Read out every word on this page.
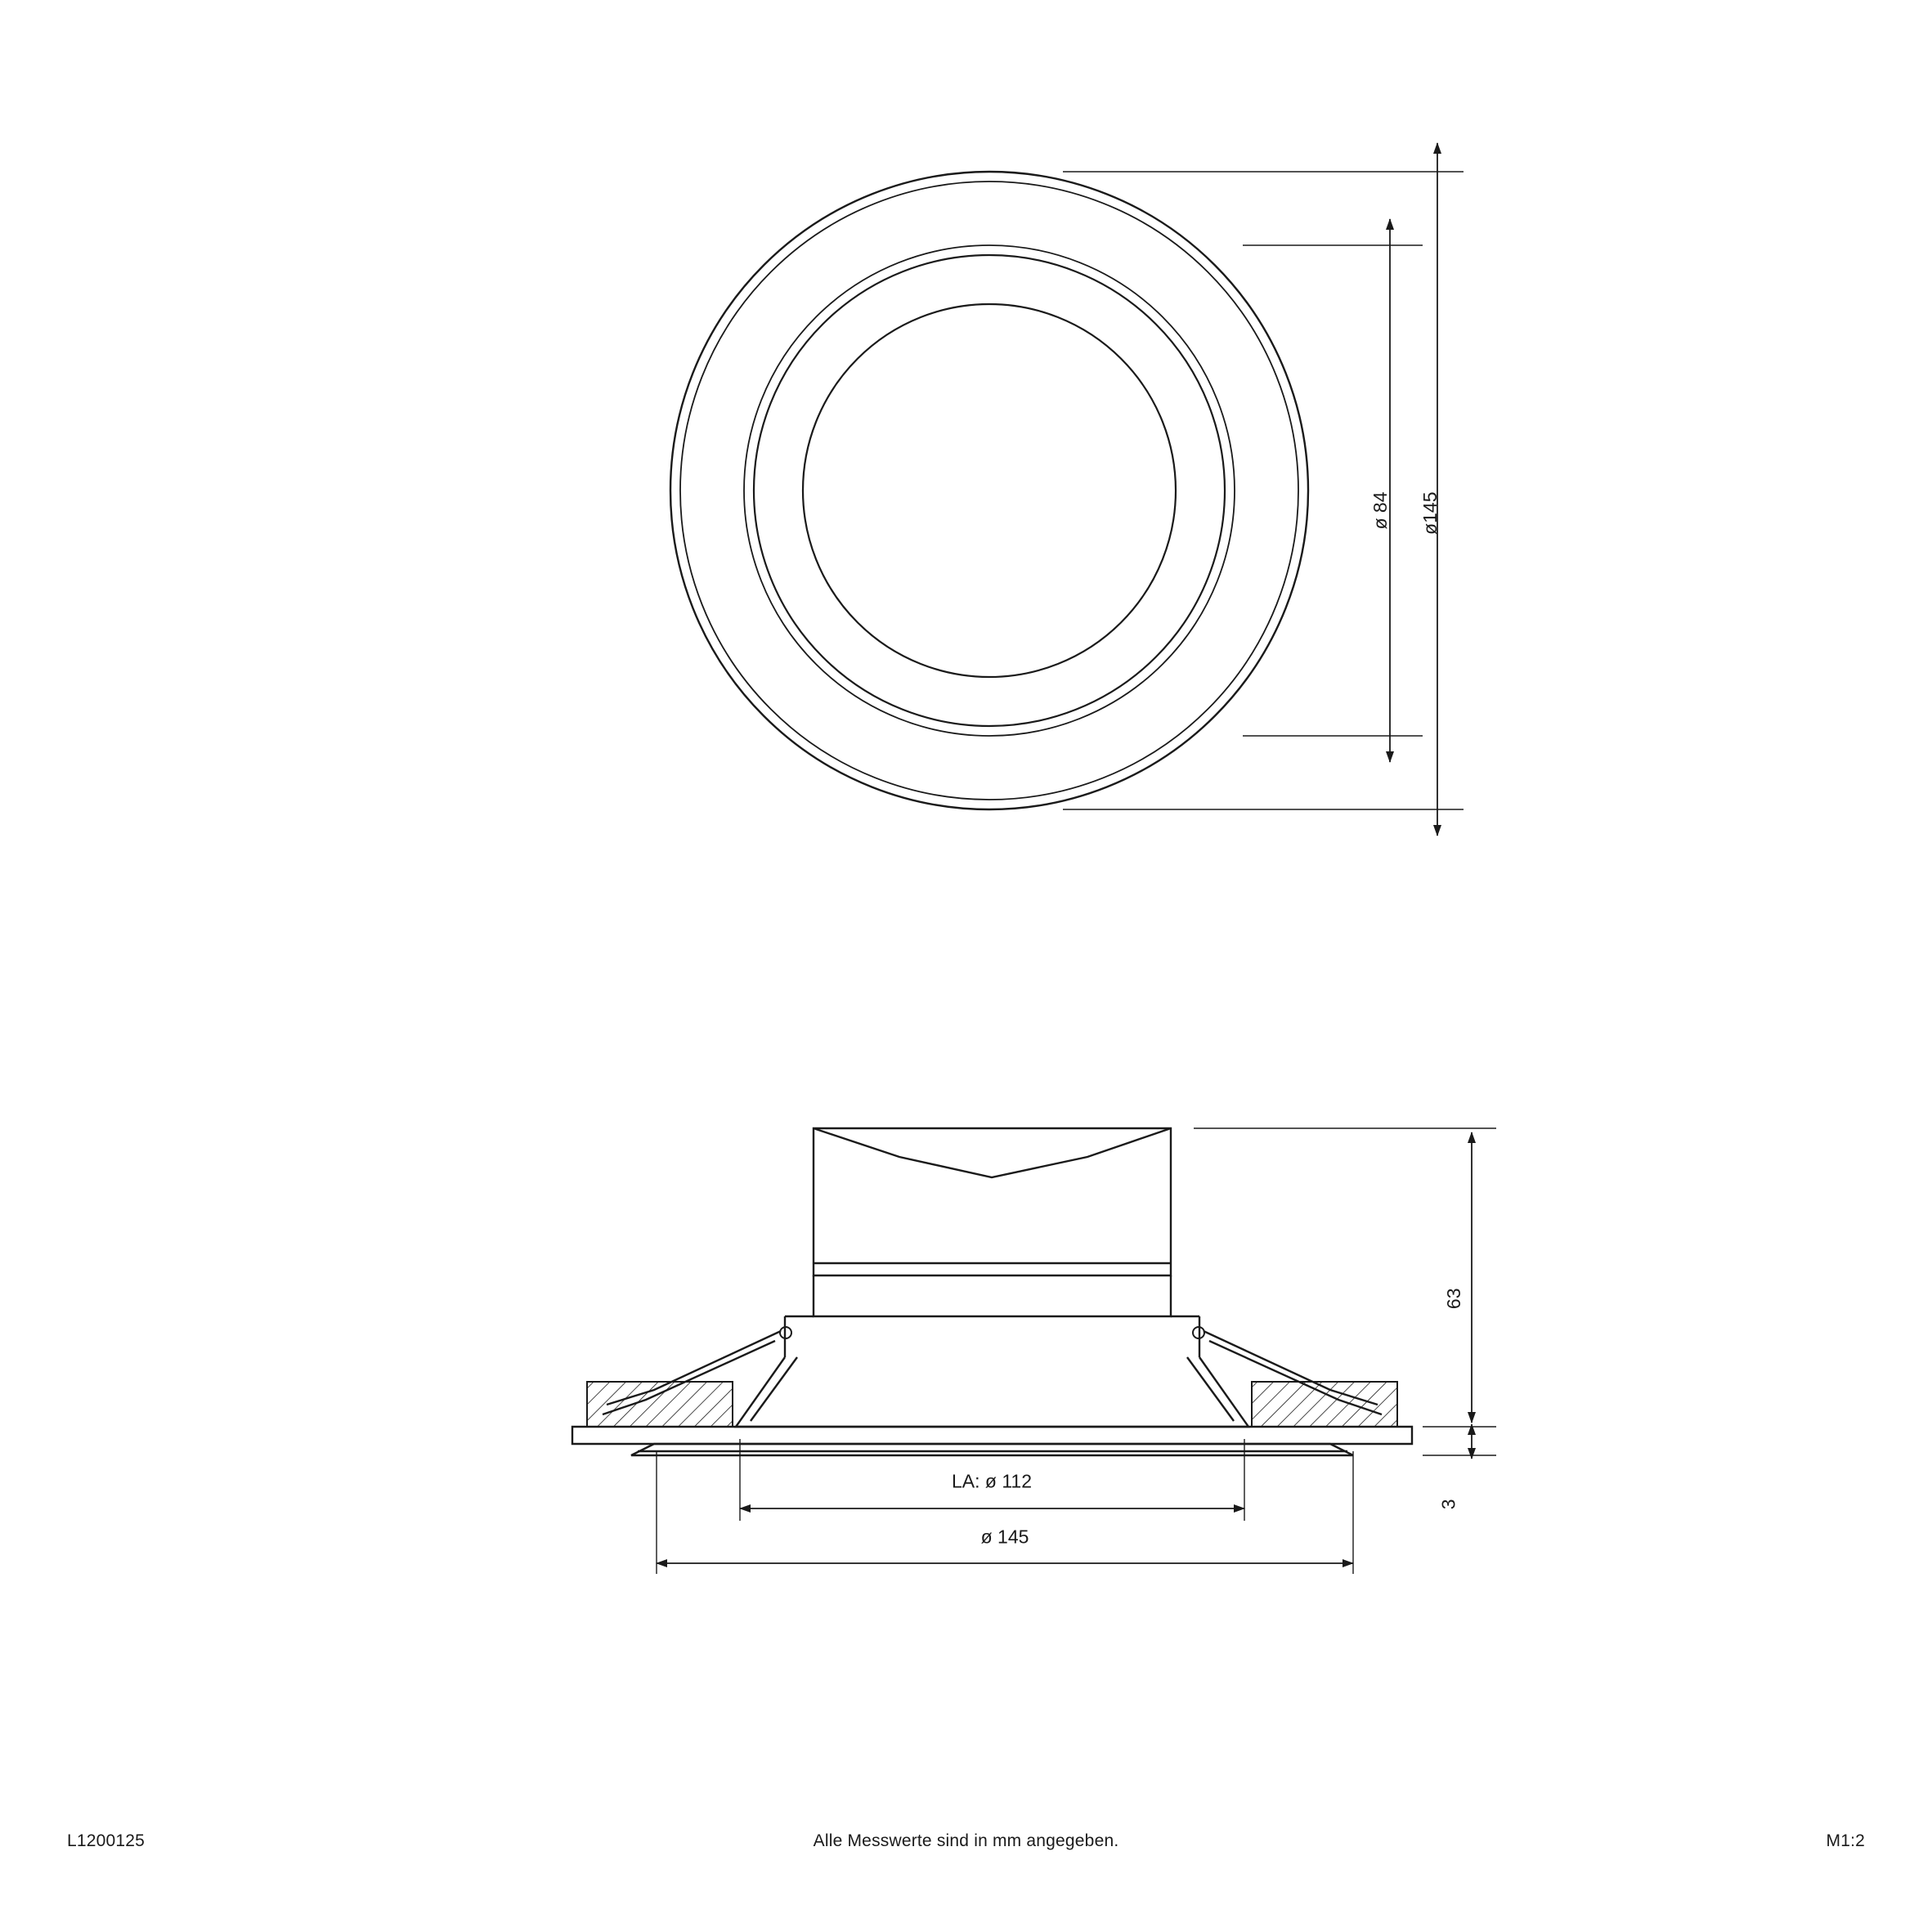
ø145
ø 84
63
3
LA: ø 112
ø 145
L1200125	Alle Messwerte sind in mm angegeben.	M1:2
